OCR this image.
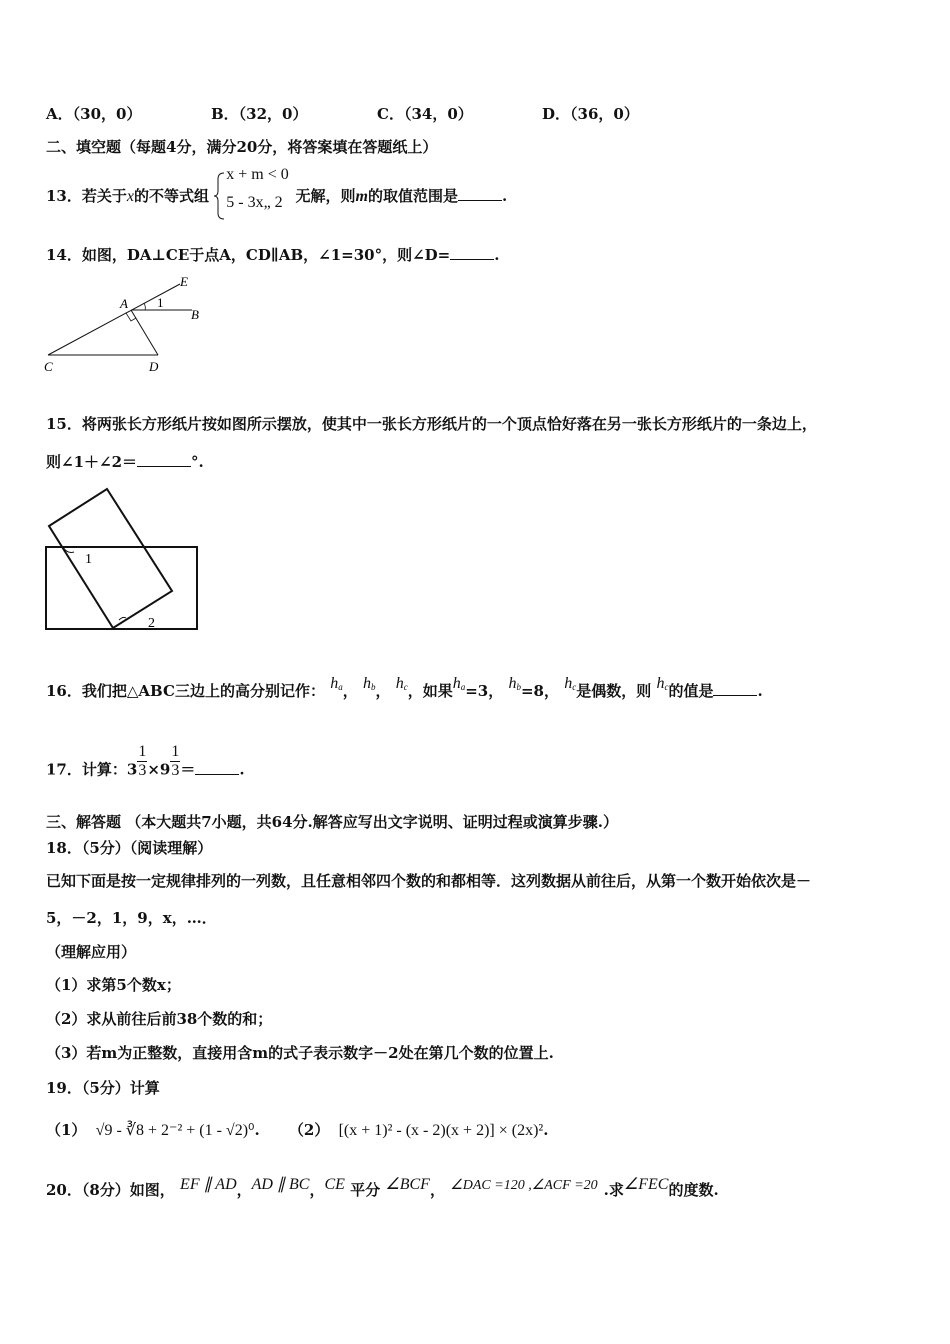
A．（30，0）	B．（32，0）	C．（34，0）	D．（36，0）
二、填空题（每题4分，满分20分，将答案填在答题纸上）
13．若关于x的不等式组
x + m < 0
5 - 3x„ 2 无解，则m的取值范围是	.
14．如图，DA⊥CE于点A，CD∥AB，∠1=30°，则∠D=	.
E
A
B
C	D
1
15．将两张长方形纸片按如图所示摆放，使其中一张长方形纸片的一个顶点恰好落在另一张长方形纸片的一条边上，
则∠1＋∠2＝	°.
1
2
16．我们把△ABC三边上的高分别记作： $h_a$， $h_b$， $h_c$，如果$h_a=3$， $h_b=8$， $h_c$是偶数，则 $h_c$的值是	.
17．计算：$3 \frac{1}{3} \times 9 \frac{1}{3}$ ＝	.
三、解答题 （本大题共7小题，共64分.解答应写出文字说明、证明过程或演算步骤.）
18．（5分）（阅读理解）
已知下面是按一定规律排列的一列数，且任意相邻四个数的和都相等．这列数据从前往后，从第一个数开始依次是－
5，－2，1，9，x，…．
（理解应用）
（1）求第5个数x；
（2）求从前往后前38个数的和；
（3）若m为正整数，直接用含m的式子表示数字－2处在第几个数的位置上.
19．（5分）计算
（1） √9 - ∛8 + 2⁻² + (1 - √2)⁰. （2） [(x + 1)² - (x - 2)(x + 2)] × (2x)².
20．（8分）如图， EF ∥ AD，AD ∥ BC，CE 平分 ∠BCF， ∠DAC =120 ,∠ACF =20 .求∠FEC的度数.
